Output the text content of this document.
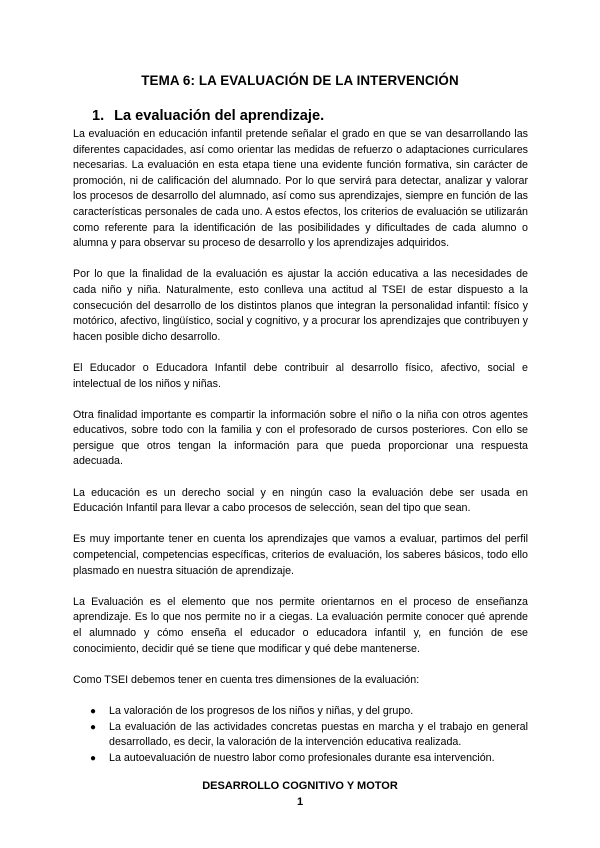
TEMA 6: LA EVALUACIÓN DE LA INTERVENCIÓN
1. La evaluación del aprendizaje.

La evaluación en educación infantil pretende señalar el grado en que se van desarrollando las diferentes capacidades, así como orientar las medidas de refuerzo o adaptaciones curriculares necesarias. La evaluación en esta etapa tiene una evidente función formativa, sin carácter de promoción, ni de calificación del alumnado. Por lo que servirá para detectar, analizar y valorar los procesos de desarrollo del alumnado, así como sus aprendizajes, siempre en función de las características personales de cada uno. A estos efectos, los criterios de evaluación se utilizarán como referente para la identificación de las posibilidades y dificultades de cada alumno o alumna y para observar su proceso de desarrollo y los aprendizajes adquiridos.

Por lo que la finalidad de la evaluación es ajustar la acción educativa a las necesidades de cada niño y niña. Naturalmente, esto conlleva una actitud al TSEI de estar dispuesto a la consecución del desarrollo de los distintos planos que integran la personalidad infantil: físico y motórico, afectivo, lingüístico, social y cognitivo, y a procurar los aprendizajes que contribuyen y hacen posible dicho desarrollo.

El Educador o Educadora Infantil debe contribuir al desarrollo físico, afectivo, social e intelectual de los niños y niñas.

Otra finalidad importante es compartir la información sobre el niño o la niña con otros agentes educativos, sobre todo con la familia y con el profesorado de cursos posteriores. Con ello se persigue que otros tengan la información para que pueda proporcionar una respuesta adecuada.

La educación es un derecho social y en ningún caso la evaluación debe ser usada en Educación Infantil para llevar a cabo procesos de selección, sean del tipo que sean.

Es muy importante tener en cuenta los aprendizajes que vamos a evaluar, partimos del perfil competencial, competencias específicas, criterios de evaluación, los saberes básicos, todo ello plasmado en nuestra situación de aprendizaje.

La Evaluación es el elemento que nos permite orientarnos en el proceso de enseñanza aprendizaje. Es lo que nos permite no ir a ciegas. La evaluación permite conocer qué aprende el alumnado y cómo enseña el educador o educadora infantil y, en función de ese conocimiento, decidir qué se tiene que modificar y qué debe mantenerse.

Como TSEI debemos tener en cuenta tres dimensiones de la evaluación:

● La valoración de los progresos de los niños y niñas, y del grupo.
● La evaluación de las actividades concretas puestas en marcha y el trabajo en general desarrollado, es decir, la valoración de la intervención educativa realizada.
● La autoevaluación de nuestro labor como profesionales durante esa intervención.
DESARROLLO COGNITIVO Y MOTOR
1
